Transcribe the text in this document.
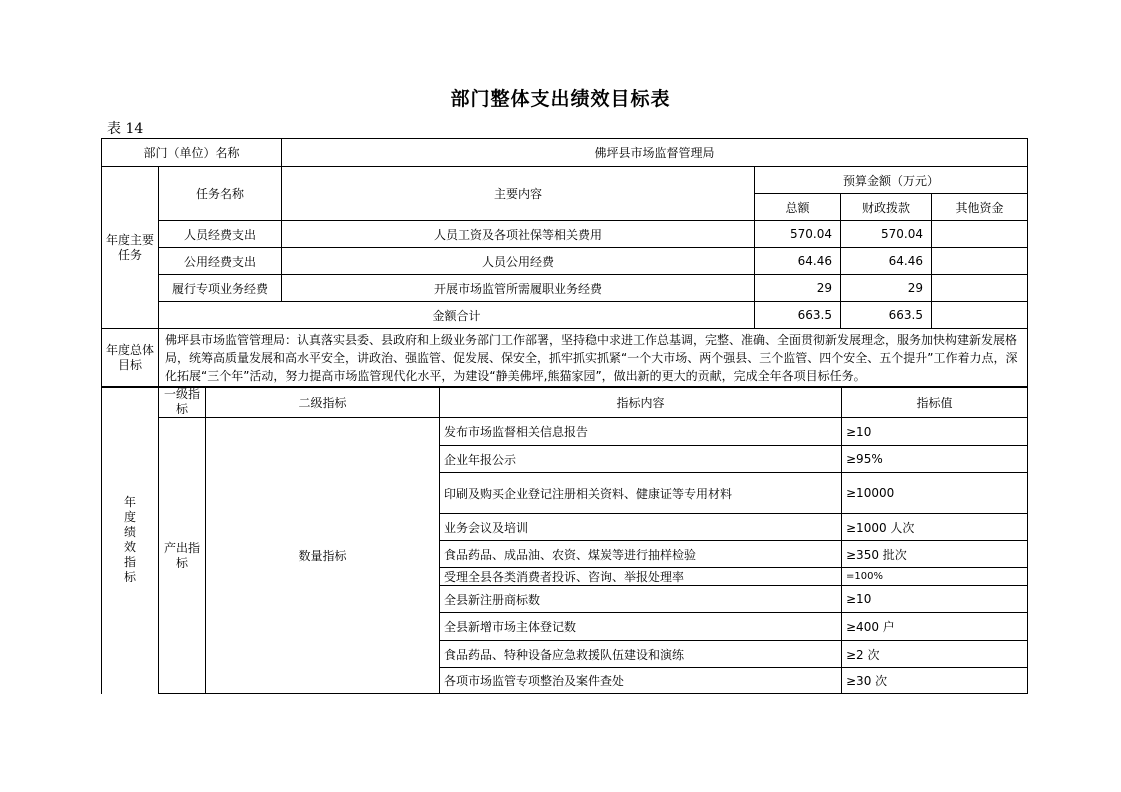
部门整体支出绩效目标表
表 14
部门（单位）名称		佛坪县市场监督管理局			
年度主要任务	任务名称	主要内容	预算金额（万元）		
			总额	财政拨款	其他资金
	人员经费支出	人员工资及各项社保等相关费用	570.04	570.04	
	公用经费支出	人员公用经费	64.46	64.46	
	履行专项业务经费	开展市场监管所需履职业务经费	29	29	
	金额合计		663.5	663.5	
年度总体目标	佛坪县市场监管管理局：认真落实县委、县政府和上级业务部门工作部署，坚持稳中求进工作总基调，完整、准确、全面贯彻新发展理念，服务加快构建新发展格局，统筹高质量发展和高水平安全，讲政治、强监管、促发展、保安全，抓牢抓实抓紧“一个大市场、两个强县、三个监管、四个安全、五个提升”工作着力点，深化拓展“三个年”活动，努力提高市场监管现代化水平，为建设“静美佛坪,熊猫家园”，做出新的更大的贡献，完成全年各项目标任务。				
年度绩效指标	一级指标	二级指标	指标内容	指标值
	产出指标	数量指标	发布市场监督相关信息报告	≥10
			企业年报公示	≥95%
			印刷及购买企业登记注册相关资料、健康证等专用材料	≥10000
			业务会议及培训	≥1000 人次
			食品药品、成品油、农资、煤炭等进行抽样检验	≥350 批次
			受理全县各类消费者投诉、咨询、举报处理率	=100%
			全县新注册商标数	≥10
			全县新增市场主体登记数	≥400 户
			食品药品、特种设备应急救援队伍建设和演练	≥2 次
			各项市场监管专项整治及案件查处	≥30 次
